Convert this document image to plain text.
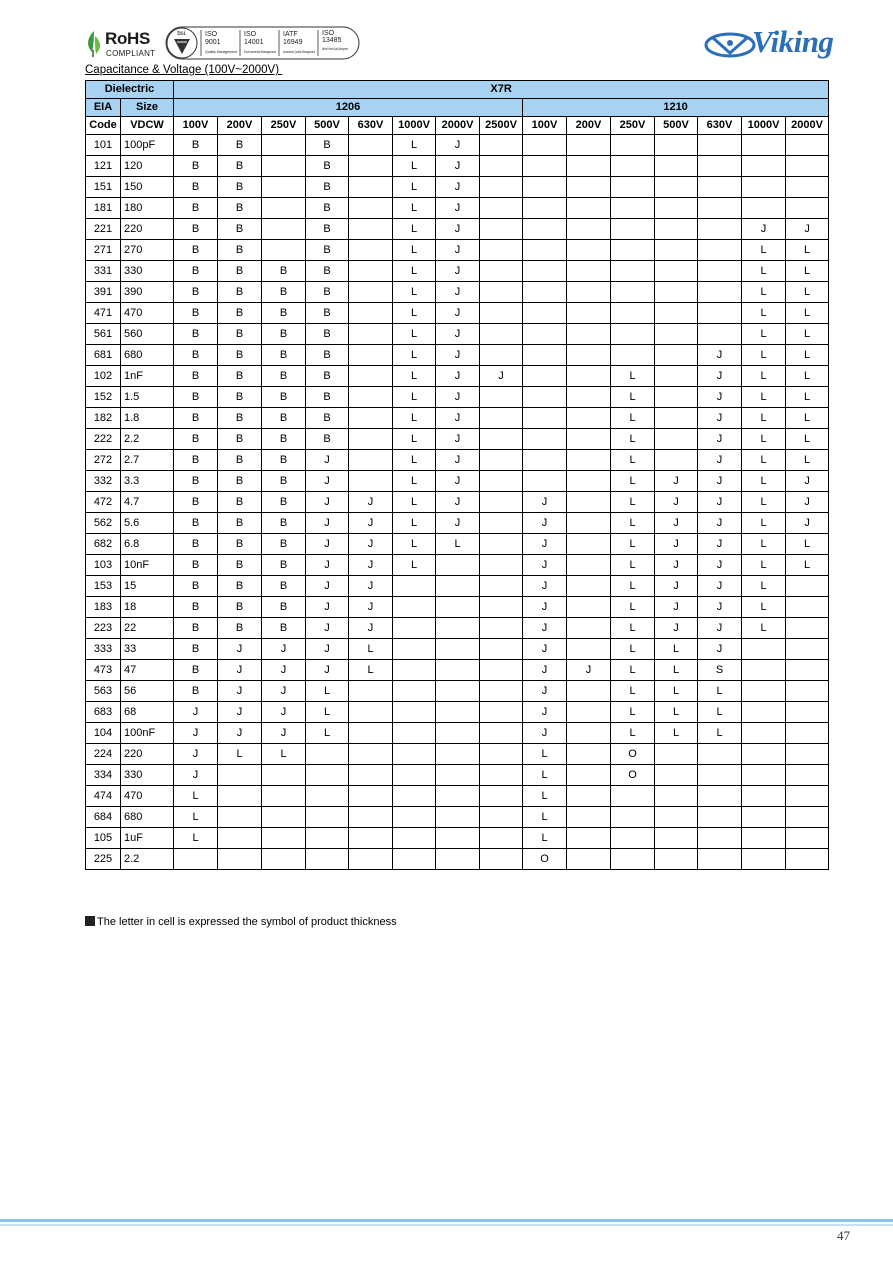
RoHS
COMPLIANT
bsi.	ISO
9001
Quality Management
ISO
14001
Environmental Management
IATF
16949
Automotive Quality Management
ISO
13485
Medical Devices Quality Management	Viking
Capacitance & Voltage (100V~2000V)
Dielectric		X7R														
EIA	Size	1206								1210						
Code	VDCW	100V	200V	250V	500V	630V	1000V	2000V	2500V	100V	200V	250V	500V	630V	1000V	2000V
101	100pF	B	B		B		L	J								
121	120	B	B		B		L	J								
151	150	B	B		B		L	J								
181	180	B	B		B		L	J								
221	220	B	B		B		L	J							J	J
271	270	B	B		B		L	J							L	L
331	330	B	B	B	B		L	J							L	L
391	390	B	B	B	B		L	J							L	L
471	470	B	B	B	B		L	J							L	L
561	560	B	B	B	B		L	J							L	L
681	680	B	B	B	B		L	J						J	L	L
102	1nF	B	B	B	B		L	J	J			L		J	L	L
152	1.5	B	B	B	B		L	J				L		J	L	L
182	1.8	B	B	B	B		L	J				L		J	L	L
222	2.2	B	B	B	B		L	J				L		J	L	L
272	2.7	B	B	B	J		L	J				L		J	L	L
332	3.3	B	B	B	J		L	J				L	J	J	L	J
472	4.7	B	B	B	J	J	L	J		J		L	J	J	L	J
562	5.6	B	B	B	J	J	L	J		J		L	J	J	L	J
682	6.8	B	B	B	J	J	L	L		J		L	J	J	L	L
103	10nF	B	B	B	J	J	L			J		L	J	J	L	L
153	15	B	B	B	J	J				J		L	J	J	L	
183	18	B	B	B	J	J				J		L	J	J	L	
223	22	B	B	B	J	J				J		L	J	J	L	
333	33	B	J	J	J	L				J		L	L	J		
473	47	B	J	J	J	L				J	J	L	L	S		
563	56	B	J	J	L					J		L	L	L		
683	68	J	J	J	L					J		L	L	L		
104	100nF	J	J	J	L					J		L	L	L		
224	220	J	L	L						L		O				
334	330	J								L		O				
474	470	L								L						
684	680	L								L						
105	1uF	L								L						
225	2.2									O						
The letter in cell is expressed the symbol of product thickness
47
